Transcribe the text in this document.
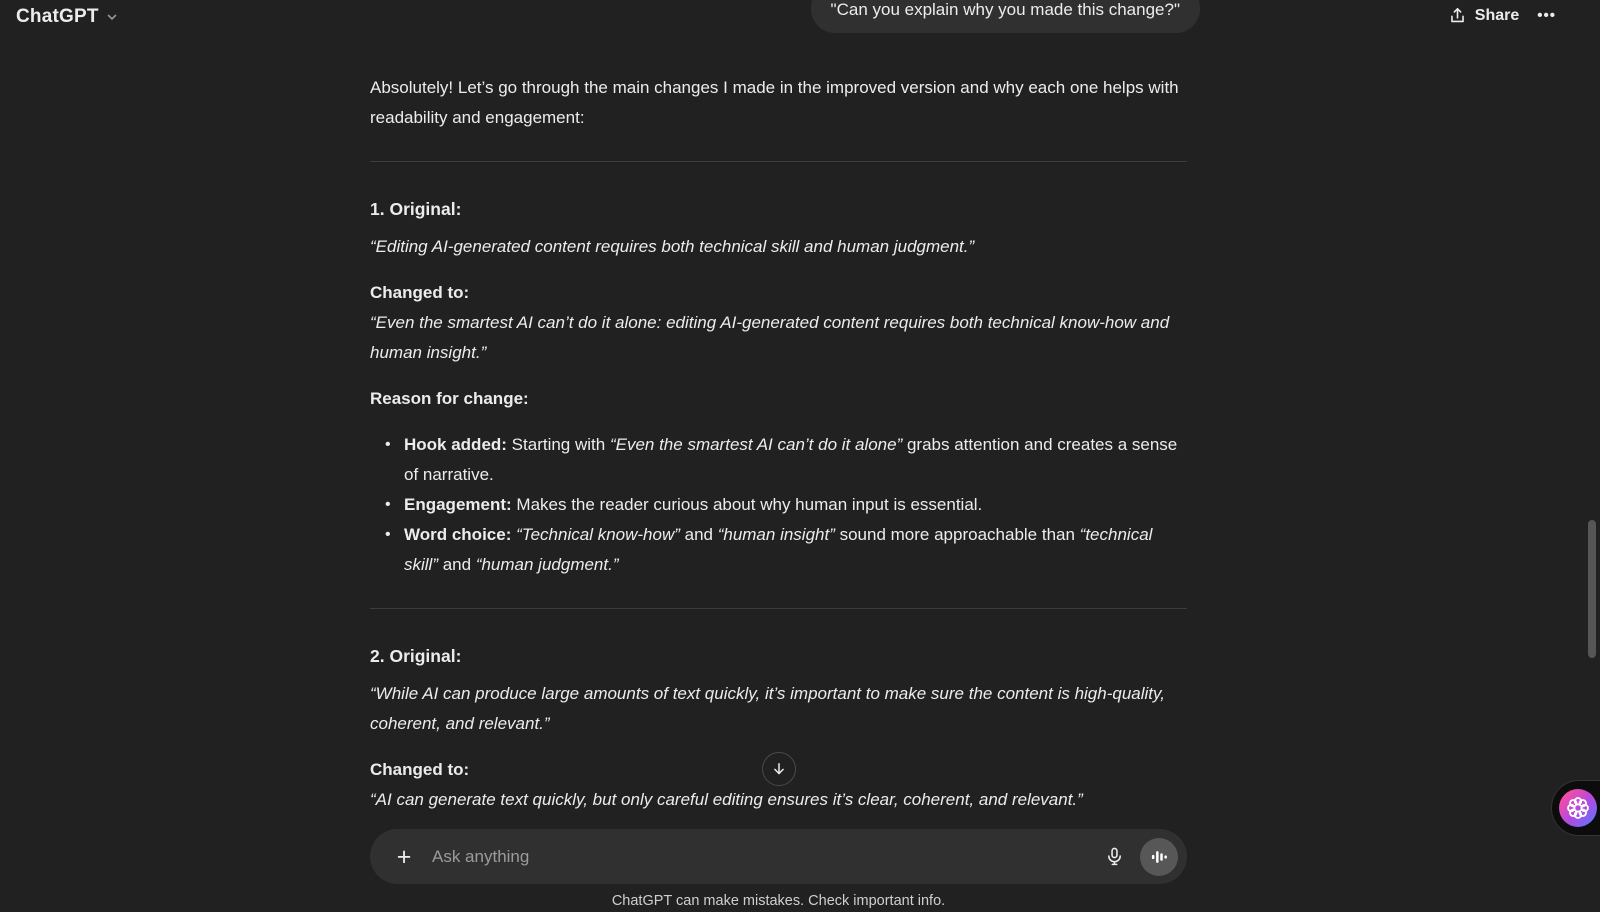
ChatGPT	Share •••
"Can you explain why you made this change?"

Absolutely! Let’s go through the main changes I made in the improved version and why each one helps with readability and engagement:

1. Original:

“Editing AI-generated content requires both technical skill and human judgment.”

Changed to:
“Even the smartest AI can’t do it alone: editing AI-generated content requires both technical know-how and human insight.”

Reason for change:

• Hook added: Starting with “Even the smartest AI can’t do it alone” grabs attention and creates a sense of narrative.
• Engagement: Makes the reader curious about why human input is essential.
• Word choice: “Technical know-how” and “human insight” sound more approachable than “technical skill” and “human judgment.”
2. Original:

“While AI can produce large amounts of text quickly, it’s important to make sure the content is high-quality, coherent, and relevant.”

Changed to:
“AI can generate text quickly, but only careful editing ensures it’s clear, coherent, and relevant.”

+
Ask anything
ChatGPT can make mistakes. Check important info.
